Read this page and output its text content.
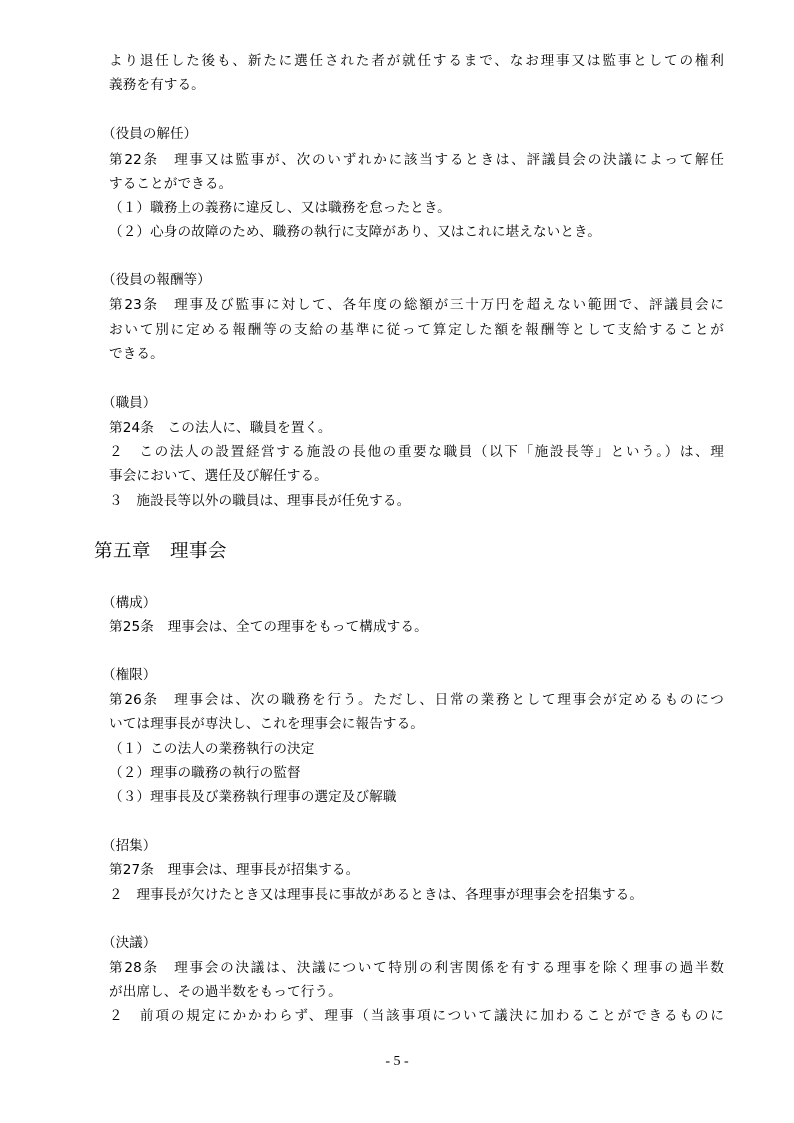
より退任した後も、新たに選任された者が就任するまで、なお理事又は監事としての権利
義務を有する。
（役員の解任）
第22条　理事又は監事が、次のいずれかに該当するときは、評議員会の決議によって解任
することができる。
（１）職務上の義務に違反し、又は職務を怠ったとき。
（２）心身の故障のため、職務の執行に支障があり、又はこれに堪えないとき。
（役員の報酬等）
第23条　理事及び監事に対して、各年度の総額が三十万円を超えない範囲で、評議員会に
おいて別に定める報酬等の支給の基準に従って算定した額を報酬等として支給することが
できる。
（職員）
第24条　この法人に、職員を置く。
２　この法人の設置経営する施設の長他の重要な職員（以下「施設長等」という。）は、理
事会において、選任及び解任する。
３　施設長等以外の職員は、理事長が任免する。
第五章　理事会
（構成）
第25条　理事会は、全ての理事をもって構成する。
（権限）
第26条　理事会は、次の職務を行う。ただし、日常の業務として理事会が定めるものにつ
いては理事長が専決し、これを理事会に報告する。
（１）この法人の業務執行の決定
（２）理事の職務の執行の監督
（３）理事長及び業務執行理事の選定及び解職
（招集）
第27条　理事会は、理事長が招集する。
２　理事長が欠けたとき又は理事長に事故があるときは、各理事が理事会を招集する。
（決議）
第28条　理事会の決議は、決議について特別の利害関係を有する理事を除く理事の過半数
が出席し、その過半数をもって行う。
２　前項の規定にかかわらず、理事（当該事項について議決に加わることができるものに
- 5 -
